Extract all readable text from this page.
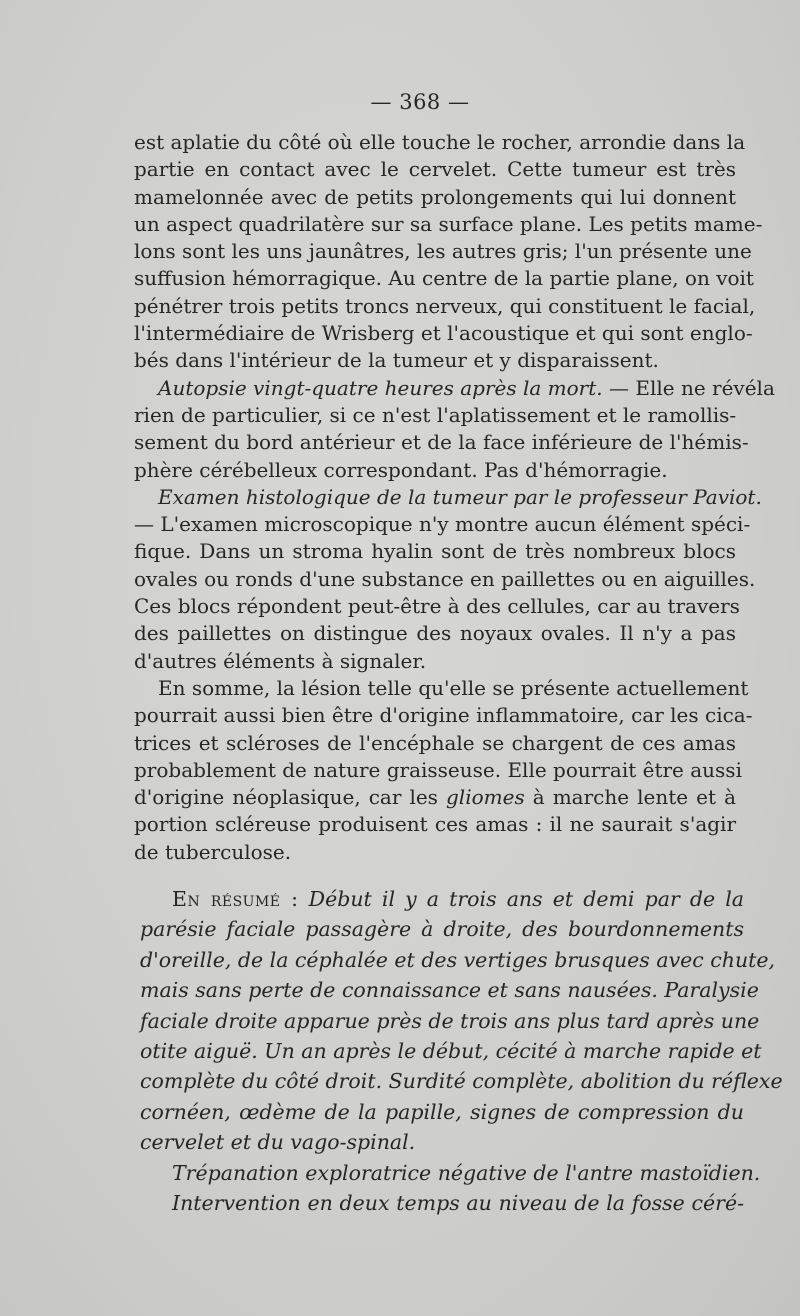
— 368 —
est aplatie du côté où elle touche le rocher, arrondie dans la
partie en contact avec le cervelet. Cette tumeur est très
mamelonnée avec de petits prolongements qui lui donnent
un aspect quadrilatère sur sa surface plane. Les petits mame-
lons sont les uns jaunâtres, les autres gris; l'un présente une
suffusion hémorragique. Au centre de la partie plane, on voit
pénétrer trois petits troncs nerveux, qui constituent le facial,
l'intermédiaire de Wrisberg et l'acoustique et qui sont englo-
bés dans l'intérieur de la tumeur et y disparaissent.
Autopsie vingt-quatre heures après la mort. — Elle ne révéla
rien de particulier, si ce n'est l'aplatissement et le ramollis-
sement du bord antérieur et de la face inférieure de l'hémis-
phère cérébelleux correspondant. Pas d'hémorragie.
Examen histologique de la tumeur par le professeur Paviot.
— L'examen microscopique n'y montre aucun élément spéci-
fique. Dans un stroma hyalin sont de très nombreux blocs
ovales ou ronds d'une substance en paillettes ou en aiguilles.
Ces blocs répondent peut-être à des cellules, car au travers
des paillettes on distingue des noyaux ovales. Il n'y a pas
d'autres éléments à signaler.
En somme, la lésion telle qu'elle se présente actuellement
pourrait aussi bien être d'origine inflammatoire, car les cica-
trices et scléroses de l'encéphale se chargent de ces amas
probablement de nature graisseuse. Elle pourrait être aussi
d'origine néoplasique, car les gliomes à marche lente et à
portion scléreuse produisent ces amas : il ne saurait s'agir
de tuberculose.
En résumé : Début il y a trois ans et demi par de la
parésie faciale passagère à droite, des bourdonnements
d'oreille, de la céphalée et des vertiges brusques avec chute,
mais sans perte de connaissance et sans nausées. Paralysie
faciale droite apparue près de trois ans plus tard après une
otite aiguë. Un an après le début, cécité à marche rapide et
complète du côté droit. Surdité complète, abolition du réflexe
cornéen, œdème de la papille, signes de compression du
cervelet et du vago-spinal.
Trépanation exploratrice négative de l'antre mastoïdien.
Intervention en deux temps au niveau de la fosse céré-
